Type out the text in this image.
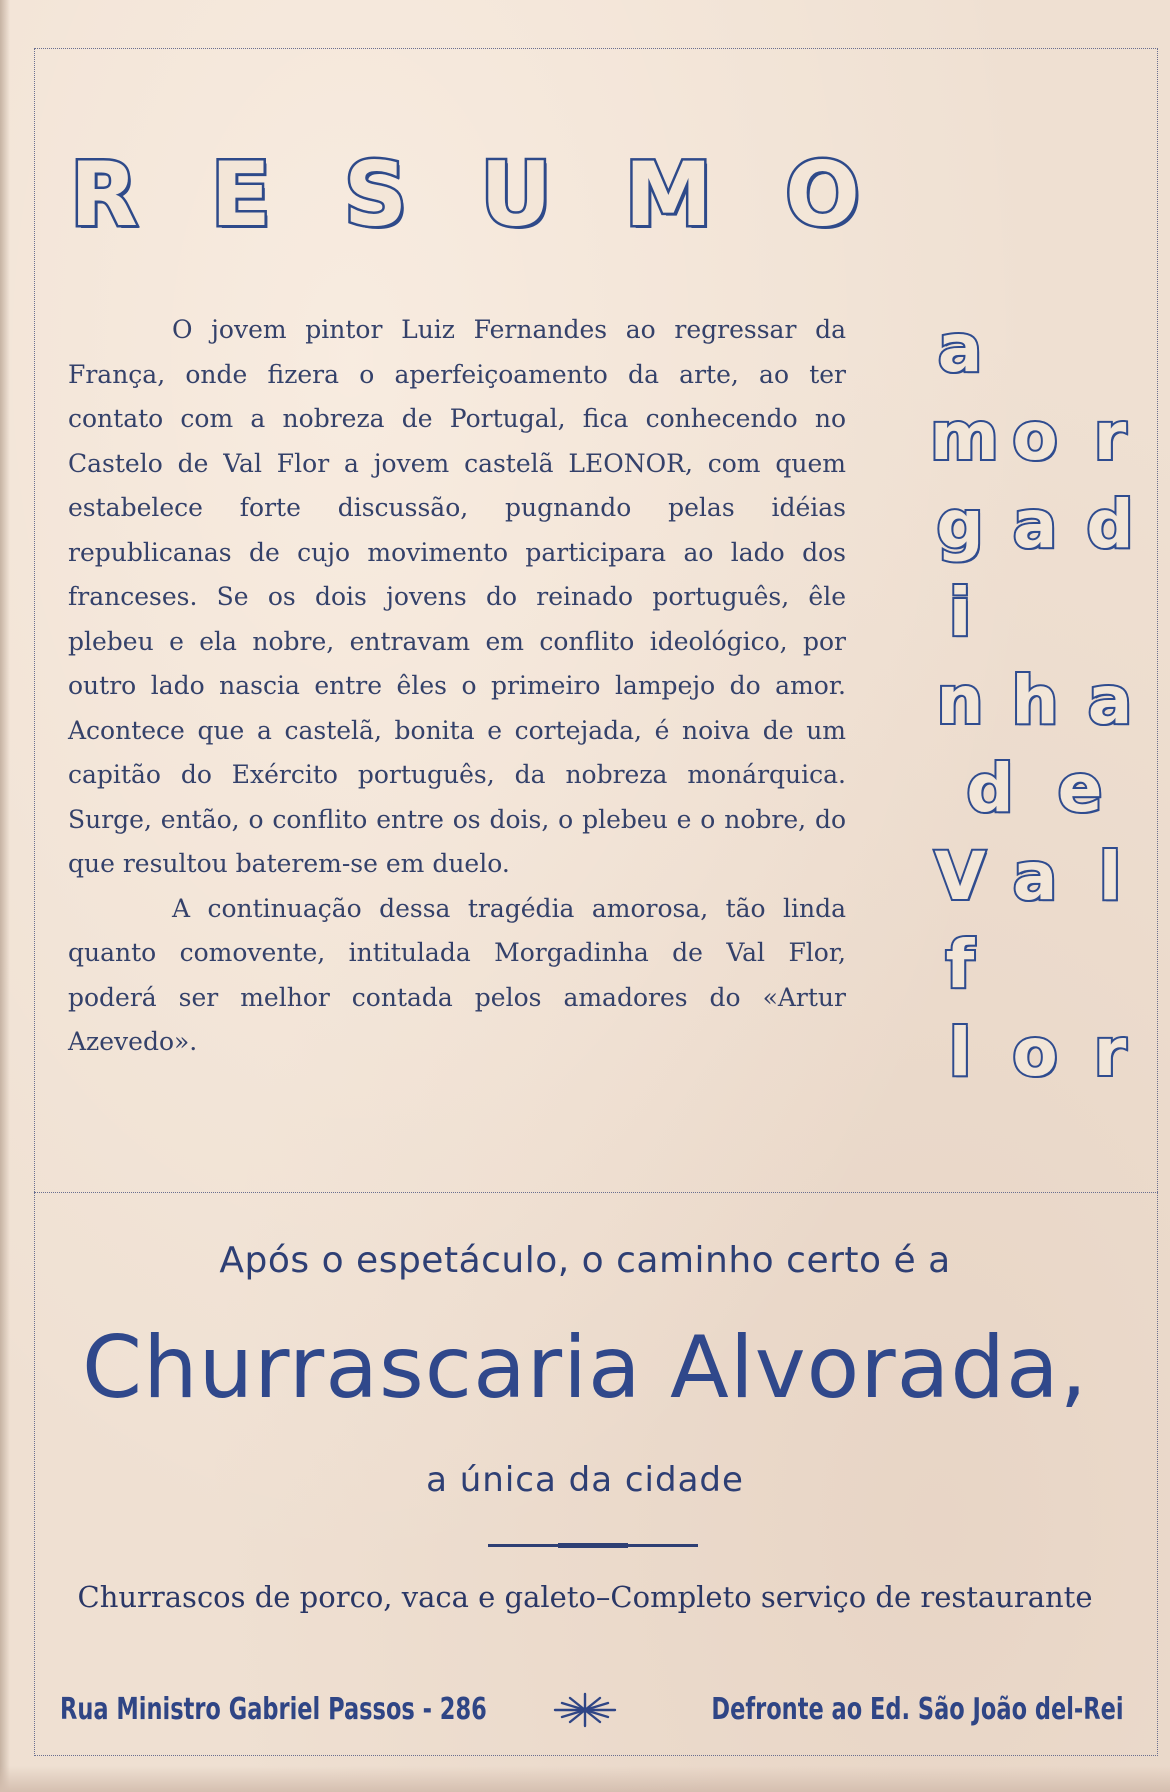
R E S U M O

O jovem pintor Luiz Fernandes ao regressar da França, onde fizera o aperfeiçoamento da arte, ao ter contato com a nobreza de Portugal, fica conhecendo no Castelo de Val Flor a jovem castelã LEONOR, com quem estabelece forte discussão, pugnando pelas idéias republicanas de cujo movimento participara ao lado dos franceses. Se os dois jovens do reinado português, êle plebeu e ela nobre, entravam em conflito ideológico, por outro lado nascia entre êles o primeiro lampejo do amor. Acontece que a castelã, bonita e cortejada, é noiva de um capitão do Exército português, da nobreza monárquica. Surge, então, o conflito entre os dois, o plebeu e o nobre, do que resultou baterem-se em duelo.

A continuação dessa tragédia amorosa, tão linda quanto comovente, intitulada Morgadinha de Val Flor, poderá ser melhor contada pelos amadores do «Artur Azevedo».

a
m o r
g a d
i
n h a
d e
V a l
f
l o r
Após o espetáculo, o caminho certo é a
Churrascaria Alvorada,
a única da cidade
Churrascos de porco, vaca e galeto–Completo serviço de restaurante
Rua Ministro Gabriel Passos - 286	Defronte ao Ed. São João del-Rei
